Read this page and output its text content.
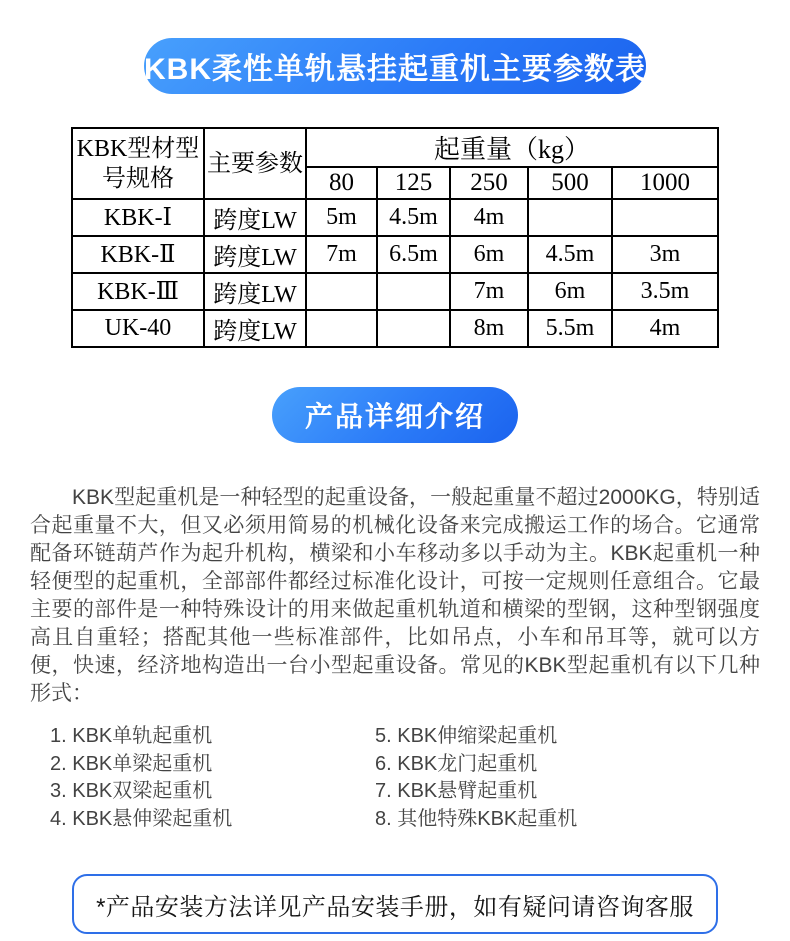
KBK柔性单轨悬挂起重机主要参数表
KBK型材型号规格	主要参数	起重量（kg）				
		80	125	250	500	1000
KBK-Ⅰ	跨度LW	5m	4.5m	4m		
KBK-Ⅱ	跨度LW	7m	6.5m	6m	4.5m	3m
KBK-Ⅲ	跨度LW			7m	6m	3.5m
UK-40	跨度LW			8m	5.5m	4m
产品详细介绍

KBK型起重机是一种轻型的起重设备，一般起重量不超过2000KG，特别适合起重量不大，但又必须用简易的机械化设备来完成搬运工作的场合。它通常配备环链葫芦作为起升机构，横梁和小车移动多以手动为主。KBK起重机一种轻便型的起重机，全部部件都经过标准化设计，可按一定规则任意组合。它最主要的部件是一种特殊设计的用来做起重机轨道和横梁的型钢，这种型钢强度高且自重轻；搭配其他一些标准部件，比如吊点，小车和吊耳等，就可以方便，快速，经济地构造出一台小型起重设备。常见的KBK型起重机有以下几种形式：

1. KBK单轨起重机
2. KBK单梁起重机
3. KBK双梁起重机
4. KBK悬伸梁起重机
5. KBK伸缩梁起重机
6. KBK龙门起重机
7. KBK悬臂起重机
8. 其他特殊KBK起重机
*产品安装方法详见产品安装手册，如有疑问请咨询客服
